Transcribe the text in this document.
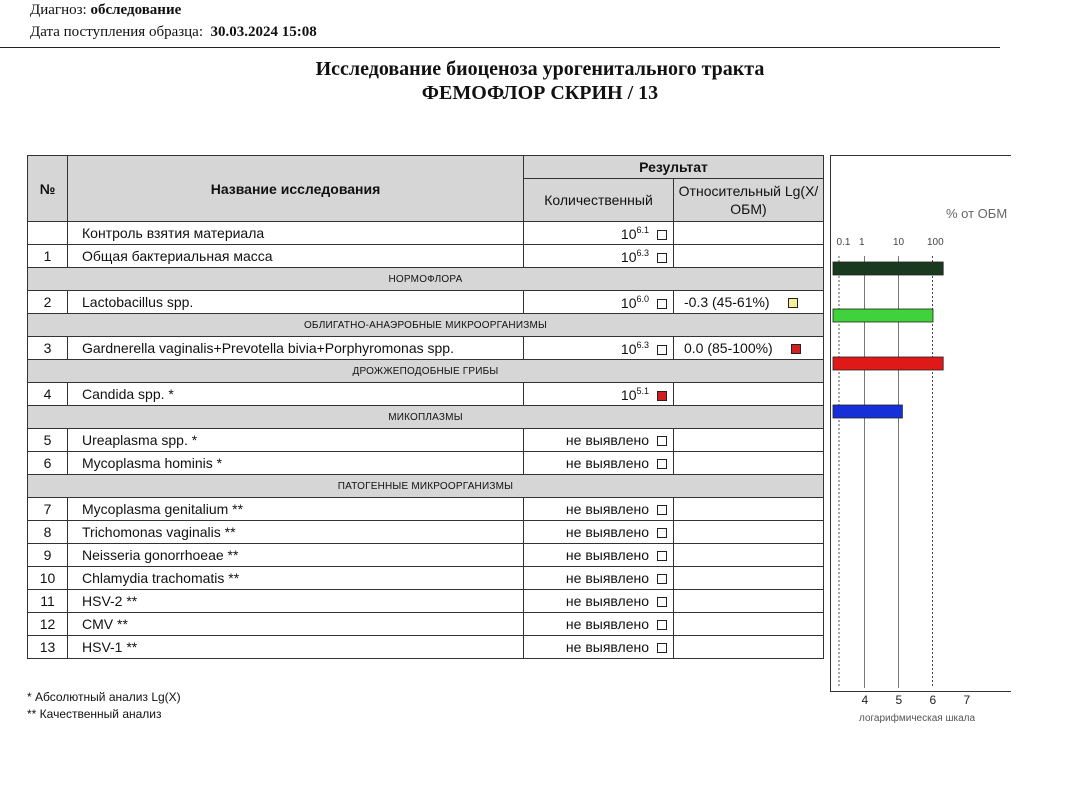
Диагноз: обследование
Дата поступления образца: 30.03.2024 15:08
Исследование биоценоза урогенитального тракта
ФЕМОФЛОР СКРИН / 13
№	Название исследования	Результат	
		Количественный	Относительный Lg(X/ОБМ)
	Контроль взятия материала	$10^{6.1}$	
1	Общая бактериальная масса	$10^{6.3}$	
НОРМОФЛОРА			
2	Lactobacillus spp.	$10^{6.0}$	-0.3 (45-61%)
ОБЛИГАТНО-АНАЭРОБНЫЕ МИКРООРГАНИЗМЫ			
3	Gardnerella vaginalis+Prevotella bivia+Porphyromonas spp.	$10^{6.3}$	0.0 (85-100%)
ДРОЖЖЕПОДОБНЫЕ ГРИБЫ			
4	Candida spp. *	$10^{5.1}$	
МИКОПЛАЗМЫ			
5	Ureaplasma spp. *	не выявлено	
6	Mycoplasma hominis *	не выявлено	
ПАТОГЕННЫЕ МИКРООРГАНИЗМЫ			
7	Mycoplasma genitalium **	не выявлено	
8	Trichomonas vaginalis **	не выявлено	
9	Neisseria gonorrhoeae **	не выявлено	
10	Chlamydia trachomatis **	не выявлено	
11	HSV-2 **	не выявлено	
12	CMV **	не выявлено	
13	HSV-1 **	не выявлено	
* Абсолютный анализ Lg(X)
** Качественный анализ
% от ОБМ
0.1 1	10 100
4 5 6 7
логарифмическая шкала
